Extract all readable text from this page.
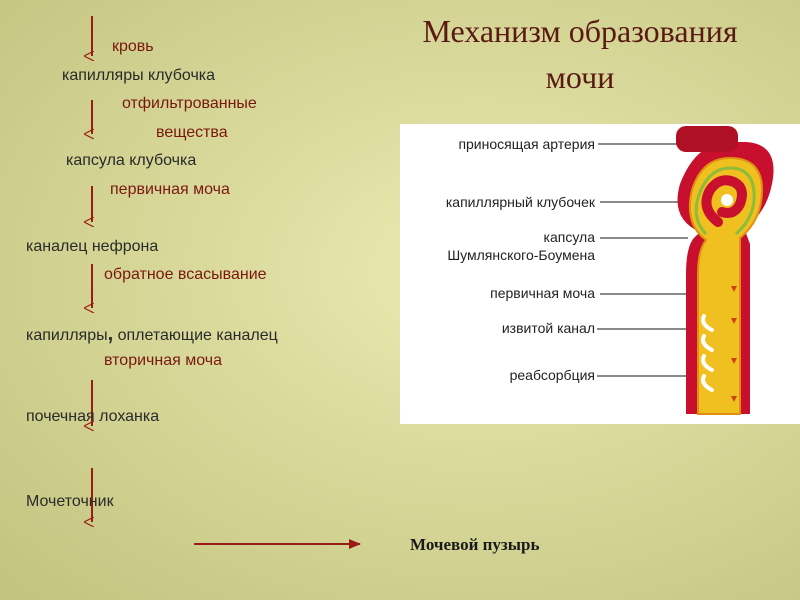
Механизм образования
мочи
кровь
капилляры клубочка
отфильтрованные
вещества
капсула клубочка
первичная моча
каналец нефрона
обратное всасывание
капилляры, оплетающие каналец
вторичная моча
почечная лоханка
Мочеточник
Мочевой пузырь
приносящая артерия
капиллярный клубочек
капсула
Шумлянского-Боумена
первичная моча
извитой канал
реабсорбция
